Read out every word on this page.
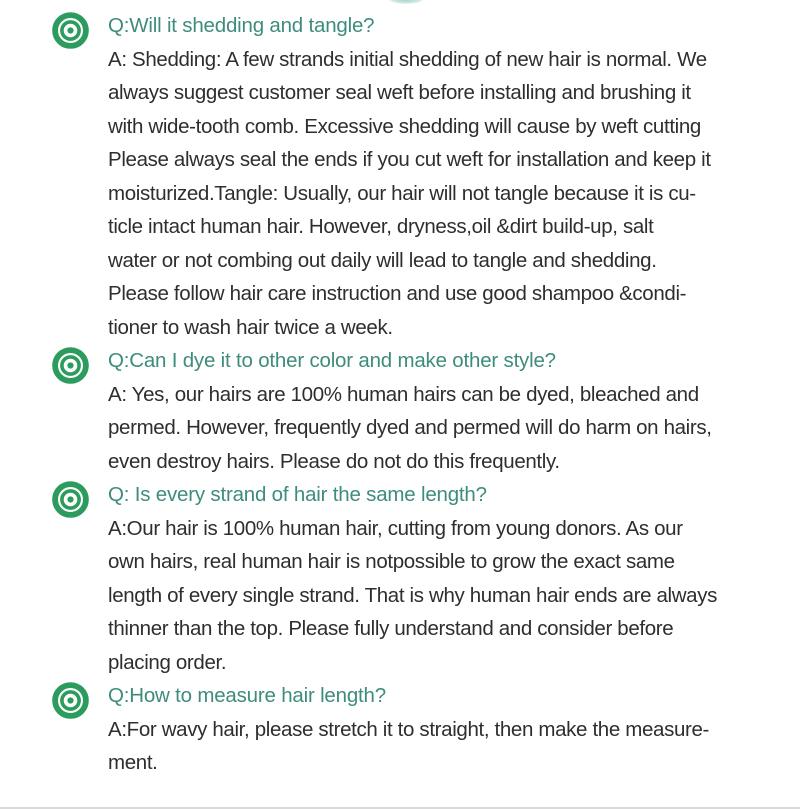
Q:Will it shedding and tangle?
A: Shedding: A few strands initial shedding of new hair is normal. We
always suggest customer seal weft before installing and brushing it
with wide-tooth comb. Excessive shedding will cause by weft cutting
Please always seal the ends if you cut weft for installation and keep it
moisturized.Tangle: Usually, our hair will not tangle because it is cu-
ticle intact human hair. However, dryness,oil &dirt build-up, salt
water or not combing out daily will lead to tangle and shedding.
Please follow hair care instruction and use good shampoo &condi-
tioner to wash hair twice a week.
Q:Can I dye it to other color and make other style?
A: Yes, our hairs are 100% human hairs can be dyed, bleached and
permed. However, frequently dyed and permed will do harm on hairs,
even destroy hairs. Please do not do this frequently.
Q: Is every strand of hair the same length?
A:Our hair is 100% human hair, cutting from young donors. As our
own hairs, real human hair is notpossible to grow the exact same
length of every single strand. That is why human hair ends are always
thinner than the top. Please fully understand and consider before
placing order.
Q:How to measure hair length?
A:For wavy hair, please stretch it to straight, then make the measure-
ment.
